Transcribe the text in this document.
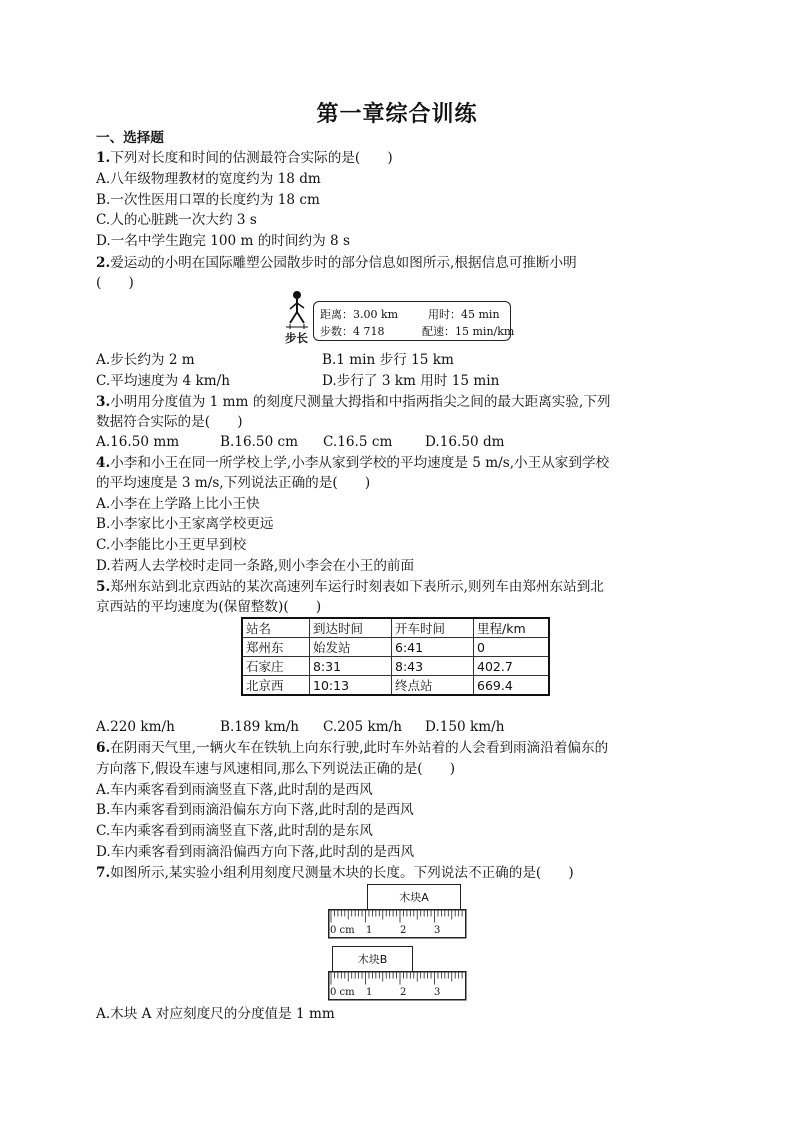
第一章综合训练
一、选择题
1.下列对长度和时间的估测最符合实际的是(　　)
A.八年级物理教材的宽度约为 18 dm
B.一次性医用口罩的长度约为 18 cm
C.人的心脏跳一次大约 3 s
D.一名中学生跑完 100 m 的时间约为 8 s
2.爱运动的小明在国际雕塑公园散步时的部分信息如图所示,根据信息可推断小明
(　　)
步长
距离：3.00 km	用时：45 min
步数：4 718	配速：15 min/km
A.步长约为 2 m	B.1 min 步行 15 km
C.平均速度为 4 km/h	D.步行了 3 km 用时 15 min
3.小明用分度值为 1 mm 的刻度尺测量大拇指和中指两指尖之间的最大距离实验,下列
数据符合实际的是(　　)
A.16.50 mm	B.16.50 cm C.16.5 cm D.16.50 dm
4.小李和小王在同一所学校上学,小李从家到学校的平均速度是 5 m/s,小王从家到学校
的平均速度是 3 m/s,下列说法正确的是(　　)
A.小李在上学路上比小王快
B.小李家比小王家离学校更远
C.小李能比小王更早到校
D.若两人去学校时走同一条路,则小李会在小王的前面
5.郑州东站到北京西站的某次高速列车运行时刻表如下表所示,则列车由郑州东站到北
京西站的平均速度为(保留整数)(　　)
站名	到达时间	开车时间	里程/km
郑州东	始发站	6:41	0
石家庄	8:31	8:43	402.7
北京西	10:13	终点站	669.4
A.220 km/h	B.189 km/h C.205 km/h D.150 km/h
6.在阴雨天气里,一辆火车在铁轨上向东行驶,此时车外站着的人会看到雨滴沿着偏东的
方向落下,假设车速与风速相同,那么下列说法正确的是(　　)
A.车内乘客看到雨滴竖直下落,此时刮的是西风
B.车内乘客看到雨滴沿偏东方向下落,此时刮的是西风
C.车内乘客看到雨滴竖直下落,此时刮的是东风
D.车内乘客看到雨滴沿偏西方向下落,此时刮的是西风
7.如图所示,某实验小组利用刻度尺测量木块的长度。下列说法不正确的是(　　)
木块A
0 cm 1	2	3
木块B
0 cm 1	2	3
A.木块 A 对应刻度尺的分度值是 1 mm
